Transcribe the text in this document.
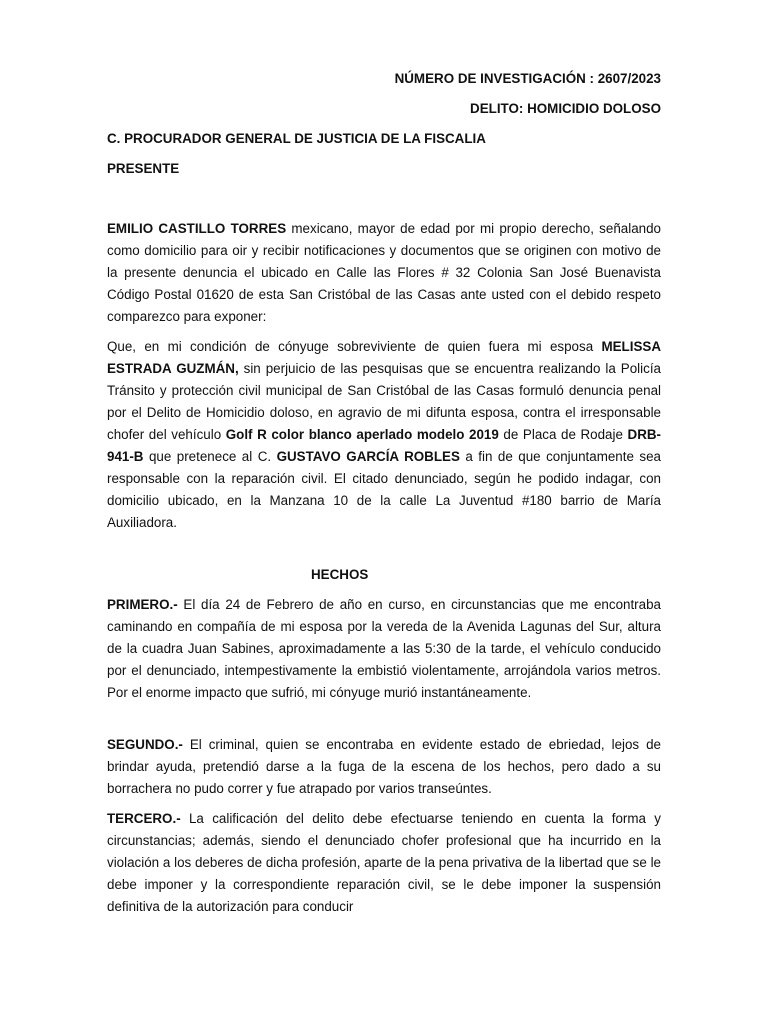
NÚMERO DE INVESTIGACIÓN : 2607/2023
DELITO: HOMICIDIO DOLOSO
C. PROCURADOR GENERAL DE JUSTICIA DE LA FISCALIA
PRESENTE
EMILIO CASTILLO TORRES mexicano, mayor de edad por mi propio derecho, señalando como domicilio para oir y recibir notificaciones y documentos que se originen con motivo de la presente denuncia el ubicado en Calle las Flores # 32 Colonia San José Buenavista Código Postal 01620 de esta San Cristóbal de las Casas ante usted con el debido respeto comparezco para exponer:
Que, en mi condición de cónyuge sobreviviente de quien fuera mi esposa MELISSA ESTRADA GUZMÁN, sin perjuicio de las pesquisas que se encuentra realizando la Policía Tránsito y protección civil municipal de San Cristóbal de las Casas formuló denuncia penal por el Delito de Homicidio doloso, en agravio de mi difunta esposa, contra el irresponsable chofer del vehículo Golf R color blanco aperlado modelo 2019 de Placa de Rodaje DRB-941-B que pretenece al C. GUSTAVO GARCÍA ROBLES a fin de que conjuntamente sea responsable con la reparación civil. El citado denunciado, según he podido indagar, con domicilio ubicado, en la Manzana 10 de la calle La Juventud #180 barrio de María Auxiliadora.
HECHOS
PRIMERO.- El día 24 de Febrero de año en curso, en circunstancias que me encontraba caminando en compañía de mi esposa por la vereda de la Avenida Lagunas del Sur, altura de la cuadra Juan Sabines, aproximadamente a las 5:30 de la tarde, el vehículo conducido por el denunciado, intempestivamente la embistió violentamente, arrojándola varios metros. Por el enorme impacto que sufrió, mi cónyuge murió instantáneamente.
SEGUNDO.- El criminal, quien se encontraba en evidente estado de ebriedad, lejos de brindar ayuda, pretendió darse a la fuga de la escena de los hechos, pero dado a su borrachera no pudo correr y fue atrapado por varios transeúntes.
TERCERO.- La calificación del delito debe efectuarse teniendo en cuenta la forma y circunstancias; además, siendo el denunciado chofer profesional que ha incurrido en la violación a los deberes de dicha profesión, aparte de la pena privativa de la libertad que se le debe imponer y la correspondiente reparación civil, se le debe imponer la suspensión definitiva de la autorización para conducir
